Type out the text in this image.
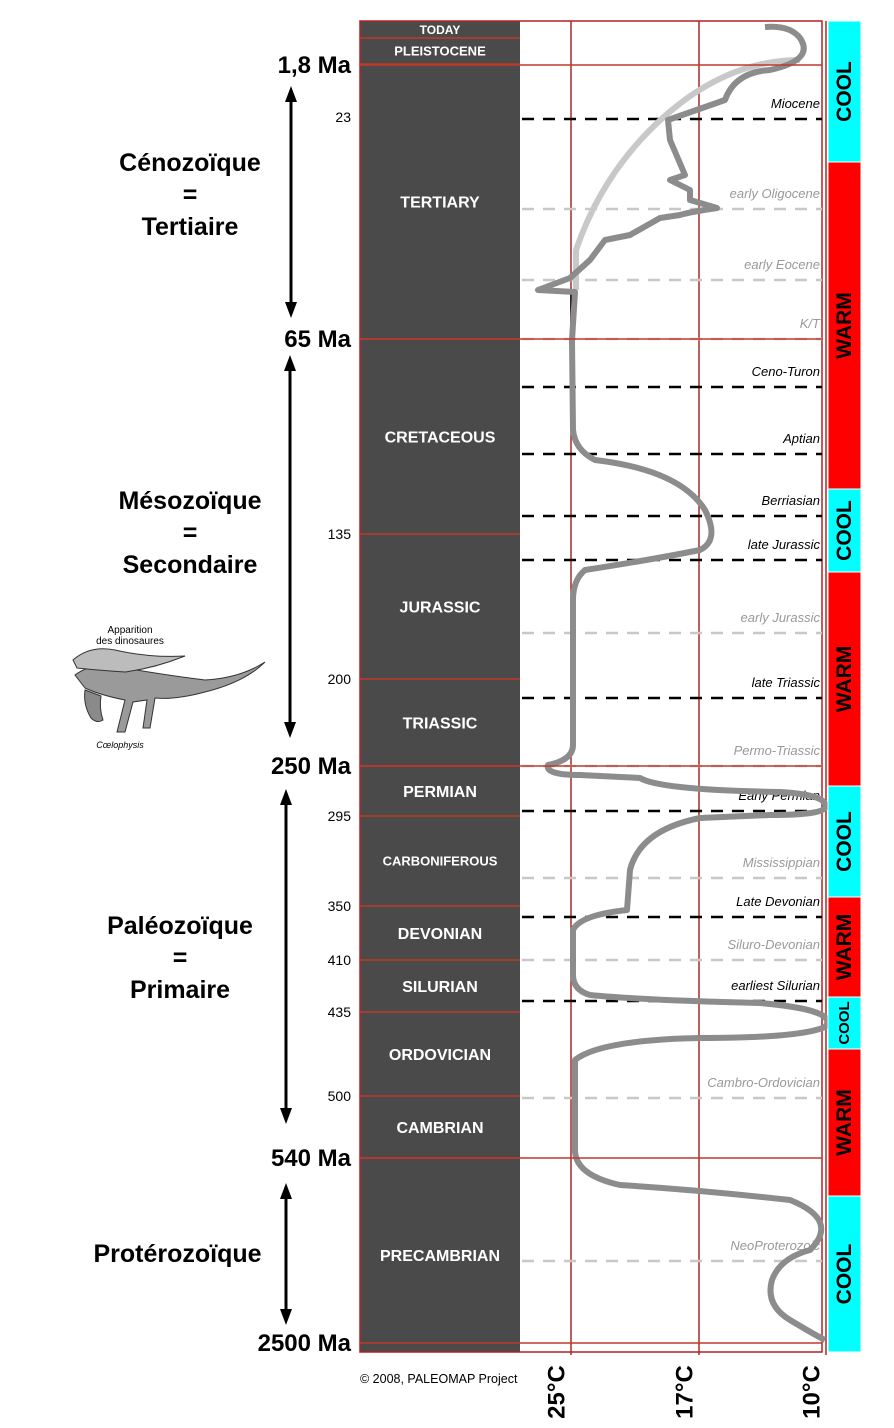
TODAY
PLEISTOCENE
TERTIARY
CRETACEOUS
JURASSIC
TRIASSIC
PERMIAN
CARBONIFEROUS
DEVONIAN
SILURIAN
ORDOVICIAN
CAMBRIAN
PRECAMBRIAN
Miocene
early Oligocene
early Eocene
K/T
Ceno-Turon
Aptian
Berriasian
late Jurassic
early Jurassic
late Triassic
Permo-Triassic
Early Permian
Mississippian
Late Devonian
Siluro-Devonian
earliest Silurian
Cambro-Ordovician
NeoProterozoic
COOL
WARM
COOL
WARM
COOL
WARM
COOL
WARM
COOL
1,8 Ma
65 Ma
250 Ma
540 Ma
2500 Ma
23
135
200
295
350
410
435
500
25°C	17°C	10°C
© 2008, PALEOMAP Project
Cénozoïque
=
Tertiaire
Mésozoïque
=
Secondaire
Paléozoïque
=
Primaire
Protérozoïque
Apparition
des dinosaures
Cœlophysis
